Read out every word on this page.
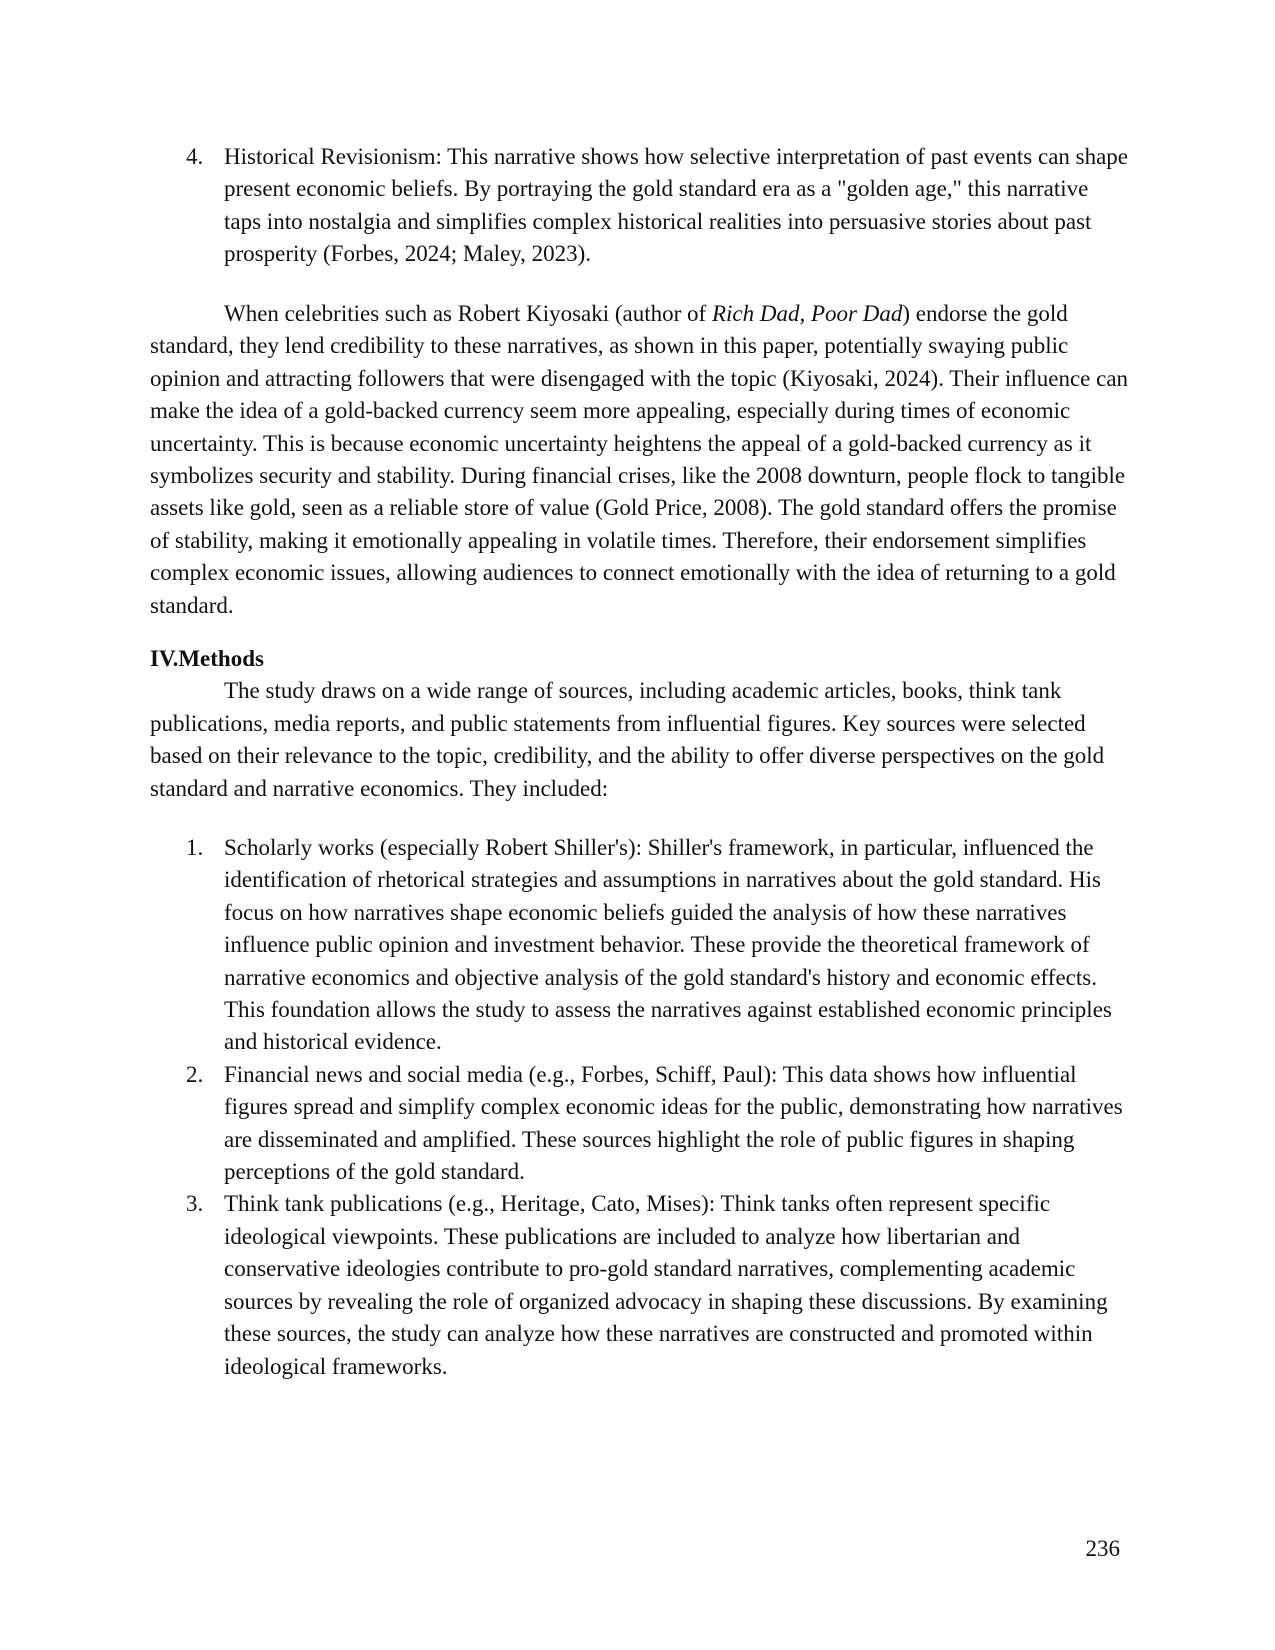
4. Historical Revisionism: This narrative shows how selective interpretation of past events can shape present economic beliefs. By portraying the gold standard era as a "golden age," this narrative taps into nostalgia and simplifies complex historical realities into persuasive stories about past prosperity (Forbes, 2024; Maley, 2023).

When celebrities such as Robert Kiyosaki (author of Rich Dad, Poor Dad) endorse the gold standard, they lend credibility to these narratives, as shown in this paper, potentially swaying public opinion and attracting followers that were disengaged with the topic (Kiyosaki, 2024). Their influence can make the idea of a gold-backed currency seem more appealing, especially during times of economic uncertainty. This is because economic uncertainty heightens the appeal of a gold-backed currency as it symbolizes security and stability. During financial crises, like the 2008 downturn, people flock to tangible assets like gold, seen as a reliable store of value (Gold Price, 2008). The gold standard offers the promise of stability, making it emotionally appealing in volatile times. Therefore, their endorsement simplifies complex economic issues, allowing audiences to connect emotionally with the idea of returning to a gold standard.

IV.Methods

The study draws on a wide range of sources, including academic articles, books, think tank publications, media reports, and public statements from influential figures. Key sources were selected based on their relevance to the topic, credibility, and the ability to offer diverse perspectives on the gold standard and narrative economics. They included:

1. Scholarly works (especially Robert Shiller's): Shiller's framework, in particular, influenced the identification of rhetorical strategies and assumptions in narratives about the gold standard. His focus on how narratives shape economic beliefs guided the analysis of how these narratives influence public opinion and investment behavior. These provide the theoretical framework of narrative economics and objective analysis of the gold standard's history and economic effects. This foundation allows the study to assess the narratives against established economic principles and historical evidence.
2. Financial news and social media (e.g., Forbes, Schiff, Paul): This data shows how influential figures spread and simplify complex economic ideas for the public, demonstrating how narratives are disseminated and amplified. These sources highlight the role of public figures in shaping perceptions of the gold standard.
3. Think tank publications (e.g., Heritage, Cato, Mises): Think tanks often represent specific ideological viewpoints. These publications are included to analyze how libertarian and conservative ideologies contribute to pro-gold standard narratives, complementing academic sources by revealing the role of organized advocacy in shaping these discussions. By examining these sources, the study can analyze how these narratives are constructed and promoted within ideological frameworks.
236
